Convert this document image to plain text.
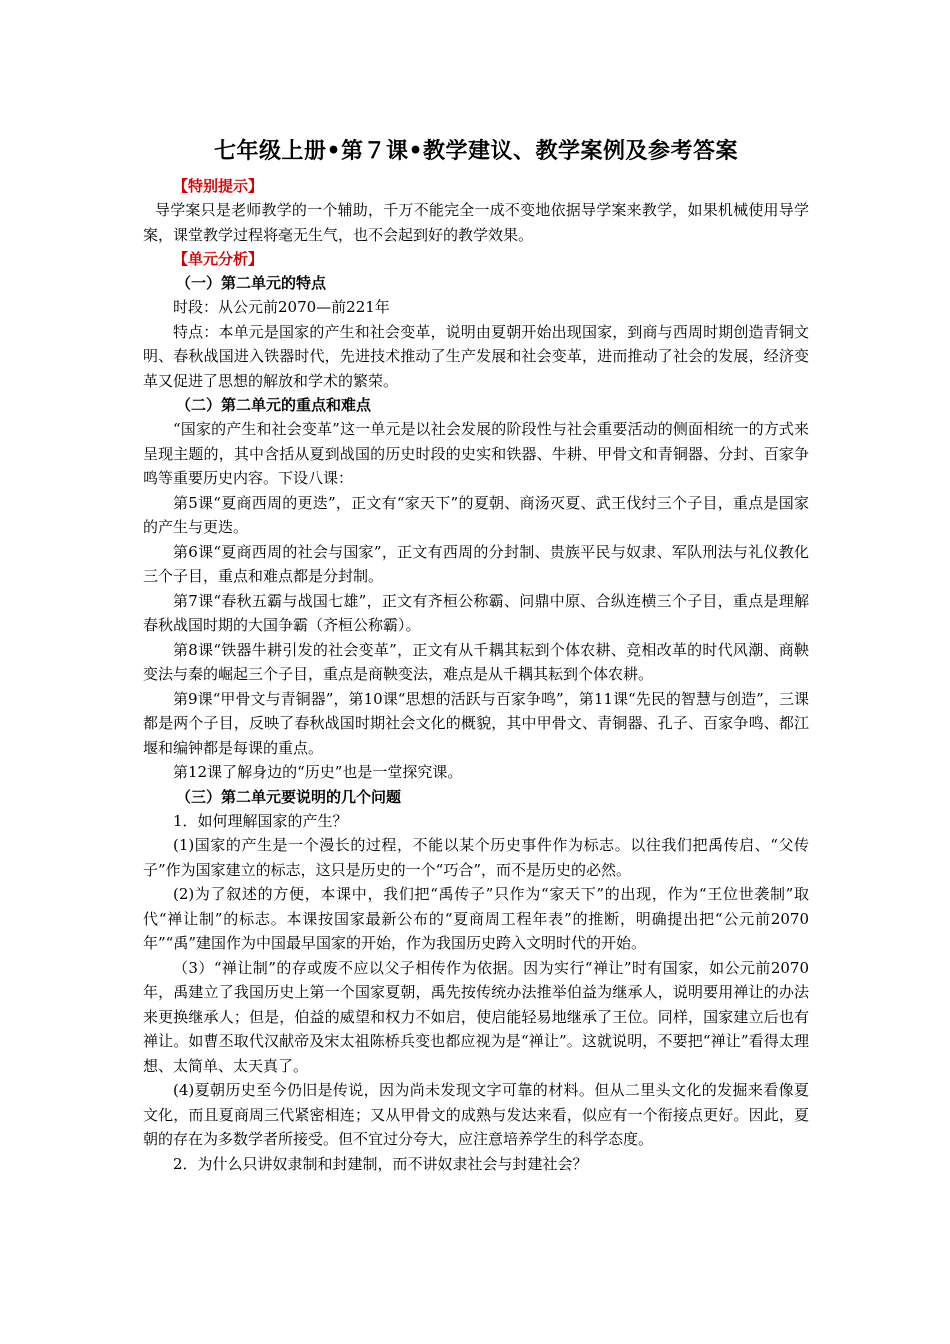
七年级上册•第７课•教学建议、教学案例及参考答案
【特别提示】

导学案只是老师教学的一个辅助，千万不能完全一成不变地依据导学案来教学，如果机械使用导学案，课堂教学过程将毫无生气，也不会起到好的教学效果。

【单元分析】
（一）第二单元的特点

时段：从公元前2070—前221年

特点：本单元是国家的产生和社会变革，说明由夏朝开始出现国家，到商与西周时期创造青铜文明、春秋战国进入铁器时代，先进技术推动了生产发展和社会变革，进而推动了社会的发展，经济变革又促进了思想的解放和学术的繁荣。

（二）第二单元的重点和难点

“国家的产生和社会变革”这一单元是以社会发展的阶段性与社会重要活动的侧面相统一的方式来呈现主题的，其中含括从夏到战国的历史时段的史实和铁器、牛耕、甲骨文和青铜器、分封、百家争鸣等重要历史内容。下设八课：

第5课“夏商西周的更迭”，正文有“家天下”的夏朝、商汤灭夏、武王伐纣三个子目，重点是国家的产生与更迭。

第6课“夏商西周的社会与国家”，正文有西周的分封制、贵族平民与奴隶、军队刑法与礼仪教化三个子目，重点和难点都是分封制。

第7课“春秋五霸与战国七雄”，正文有齐桓公称霸、问鼎中原、合纵连横三个子目，重点是理解春秋战国时期的大国争霸（齐桓公称霸）。

第8课“铁器牛耕引发的社会变革”，正文有从千耦其耘到个体农耕、竞相改革的时代风潮、商鞅变法与秦的崛起三个子目，重点是商鞅变法，难点是从千耦其耘到个体农耕。

第9课“甲骨文与青铜器”，第10课“思想的活跃与百家争鸣”，第11课“先民的智慧与创造”，三课都是两个子目，反映了春秋战国时期社会文化的概貌，其中甲骨文、青铜器、孔子、百家争鸣、都江堰和编钟都是每课的重点。

第12课了解身边的“历史”也是一堂探究课。

（三）第二单元要说明的几个问题

1．如何理解国家的产生？

(1)国家的产生是一个漫长的过程，不能以某个历史事件作为标志。以往我们把禹传启、“父传子”作为国家建立的标志，这只是历史的一个“巧合”，而不是历史的必然。

(2)为了叙述的方便，本课中，我们把“禹传子”只作为“家天下”的出现，作为“王位世袭制”取代“禅让制”的标志。本课按国家最新公布的“夏商周工程年表”的推断，明确提出把“公元前2070年”“禹”建国作为中国最早国家的开始，作为我国历史跨入文明时代的开始。

（3）“禅让制”的存或废不应以父子相传作为依据。因为实行“禅让”时有国家，如公元前2070年，禹建立了我国历史上第一个国家夏朝，禹先按传统办法推举伯益为继承人，说明要用禅让的办法来更换继承人；但是，伯益的威望和权力不如启，使启能轻易地继承了王位。同样，国家建立后也有禅让。如曹丕取代汉献帝及宋太祖陈桥兵变也都应视为是“禅让”。这就说明，不要把“禅让”看得太理想、太简单、太天真了。

(4)夏朝历史至今仍旧是传说，因为尚未发现文字可靠的材料。但从二里头文化的发掘来看像夏文化，而且夏商周三代紧密相连；又从甲骨文的成熟与发达来看，似应有一个衔接点更好。因此，夏朝的存在为多数学者所接受。但不宜过分夸大，应注意培养学生的科学态度。

2．为什么只讲奴隶制和封建制，而不讲奴隶社会与封建社会？
